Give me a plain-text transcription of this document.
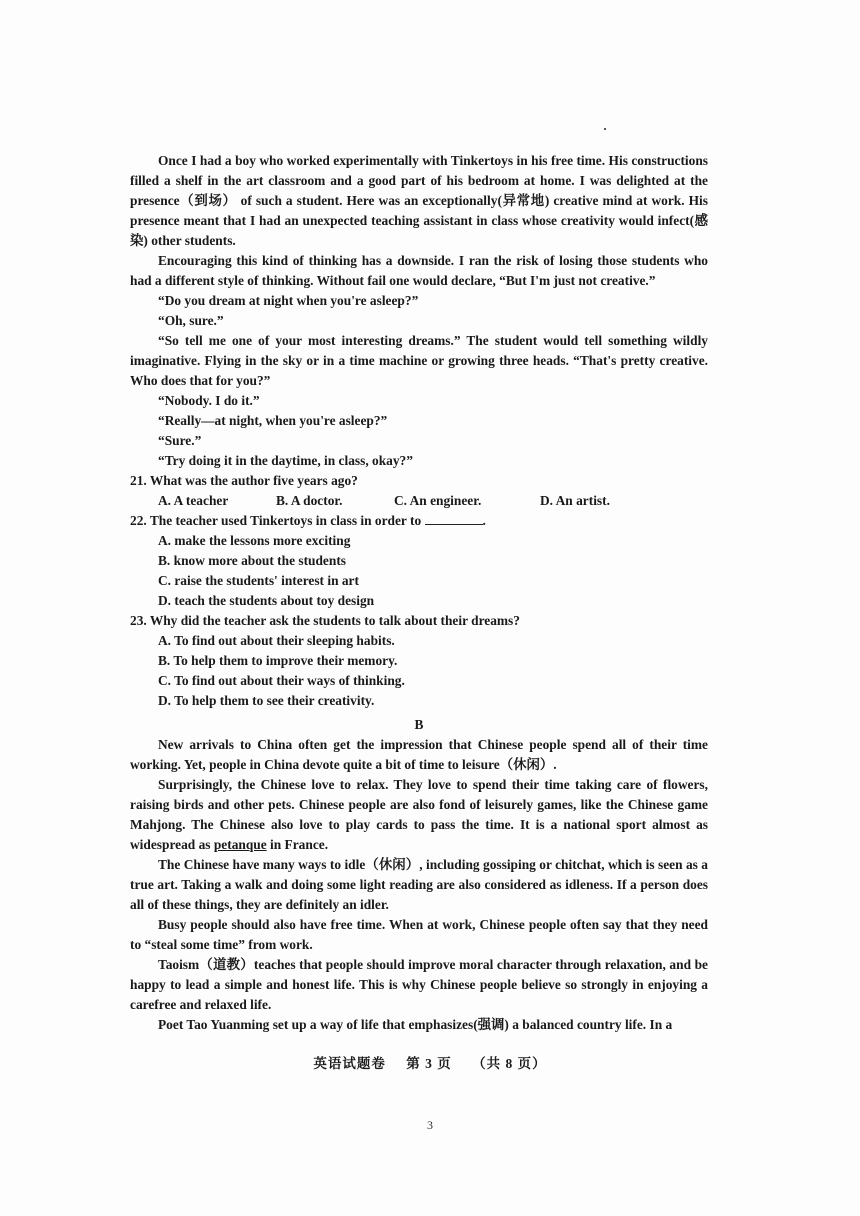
Once I had a boy who worked experimentally with Tinkertoys in his free time. His constructions filled a shelf in the art classroom and a good part of his bedroom at home. I was delighted at the presence（到场） of such a student. Here was an exceptionally(异常地) creative mind at work. His presence meant that I had an unexpected teaching assistant in class whose creativity would infect(感染) other students.

Encouraging this kind of thinking has a downside. I ran the risk of losing those students who had a different style of thinking. Without fail one would declare, “But I'm just not creative.”

“Do you dream at night when you're asleep?”

“Oh, sure.”

“So tell me one of your most interesting dreams.” The student would tell something wildly imaginative. Flying in the sky or in a time machine or growing three heads. “That's pretty creative. Who does that for you?”

“Nobody. I do it.”

“Really—at night, when you're asleep?”

“Sure.”

“Try doing it in the daytime, in class, okay?”

21. What was the author five years ago?

A. A teacher	B. A doctor.	C. An engineer.	D. An artist.

22. The teacher used Tinkertoys in class in order to	.

A. make the lessons more exciting

B. know more about the students

C. raise the students' interest in art

D. teach the students about toy design

23. Why did the teacher ask the students to talk about their dreams?

A. To find out about their sleeping habits.

B. To help them to improve their memory.

C. To find out about their ways of thinking.

D. To help them to see their creativity.

B

New arrivals to China often get the impression that Chinese people spend all of their time working. Yet, people in China devote quite a bit of time to leisure（休闲）.

Surprisingly, the Chinese love to relax. They love to spend their time taking care of flowers, raising birds and other pets. Chinese people are also fond of leisurely games, like the Chinese game Mahjong. The Chinese also love to play cards to pass the time. It is a national sport almost as widespread as petanque in France.

The Chinese have many ways to idle（休闲）, including gossiping or chitchat, which is seen as a true art. Taking a walk and doing some light reading are also considered as idleness. If a person does all of these things, they are definitely an idler.

Busy people should also have free time. When at work, Chinese people often say that they need to “steal some time” from work.

Taoism（道教）teaches that people should improve moral character through relaxation, and be happy to lead a simple and honest life. This is why Chinese people believe so strongly in enjoying a carefree and relaxed life.

Poet Tao Yuanming set up a way of life that emphasizes(强调) a balanced country life. In a

英语试题卷 第 3 页 （共 8 页）
3
